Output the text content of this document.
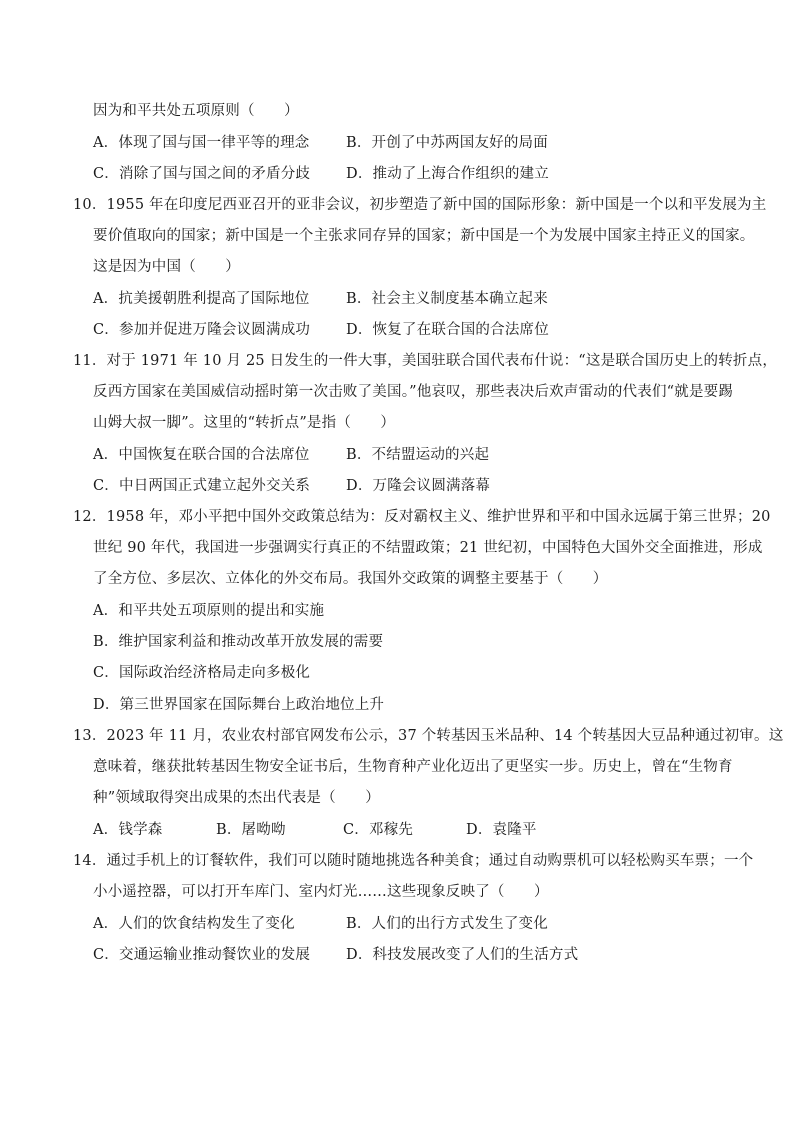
因为和平共处五项原则（　　）
A．体现了国与国一律平等的理念	B．开创了中苏两国友好的局面
C．消除了国与国之间的矛盾分歧 D．推动了上海合作组织的建立
10．1955 年在印度尼西亚召开的亚非会议，初步塑造了新中国的国际形象：新中国是一个以和平发展为主
要价值取向的国家；新中国是一个主张求同存异的国家；新中国是一个为发展中国家主持正义的国家。
这是因为中国（　　）
A．抗美援朝胜利提高了国际地位	B．社会主义制度基本确立起来
C．参加并促进万隆会议圆满成功 D．恢复了在联合国的合法席位
11．对于 1971 年 10 月 25 日发生的一件大事，美国驻联合国代表布什说：“这是联合国历史上的转折点，
反西方国家在美国威信动摇时第一次击败了美国。”他哀叹，那些表决后欢声雷动的代表们“就是要踢
山姆大叔一脚”。这里的“转折点”是指（　　）
A．中国恢复在联合国的合法席位	B．不结盟运动的兴起
C．中日两国正式建立起外交关系 D．万隆会议圆满落幕
12．1958 年，邓小平把中国外交政策总结为：反对霸权主义、维护世界和平和中国永远属于第三世界；20
世纪 90 年代，我国进一步强调实行真正的不结盟政策；21 世纪初，中国特色大国外交全面推进，形成
了全方位、多层次、立体化的外交布局。我国外交政策的调整主要基于（　　）
A．和平共处五项原则的提出和实施
B．维护国家利益和推动改革开放发展的需要
C．国际政治经济格局走向多极化
D．第三世界国家在国际舞台上政治地位上升
13．2023 年 11 月，农业农村部官网发布公示，37 个转基因玉米品种、14 个转基因大豆品种通过初审。这
意味着，继获批转基因生物安全证书后，生物育种产业化迈出了更坚实一步。历史上，曾在“生物育
种”领域取得突出成果的杰出代表是（　　）
A．钱学森	B．屠呦呦	C．邓稼先	D．袁隆平
14．通过手机上的订餐软件，我们可以随时随地挑选各种美食；通过自动购票机可以轻松购买车票；一个
小小遥控器，可以打开车库门、室内灯光……这些现象反映了（　　）
A．人们的饮食结构发生了变化	B．人们的出行方式发生了变化
C．交通运输业推动餐饮业的发展 D．科技发展改变了人们的生活方式
